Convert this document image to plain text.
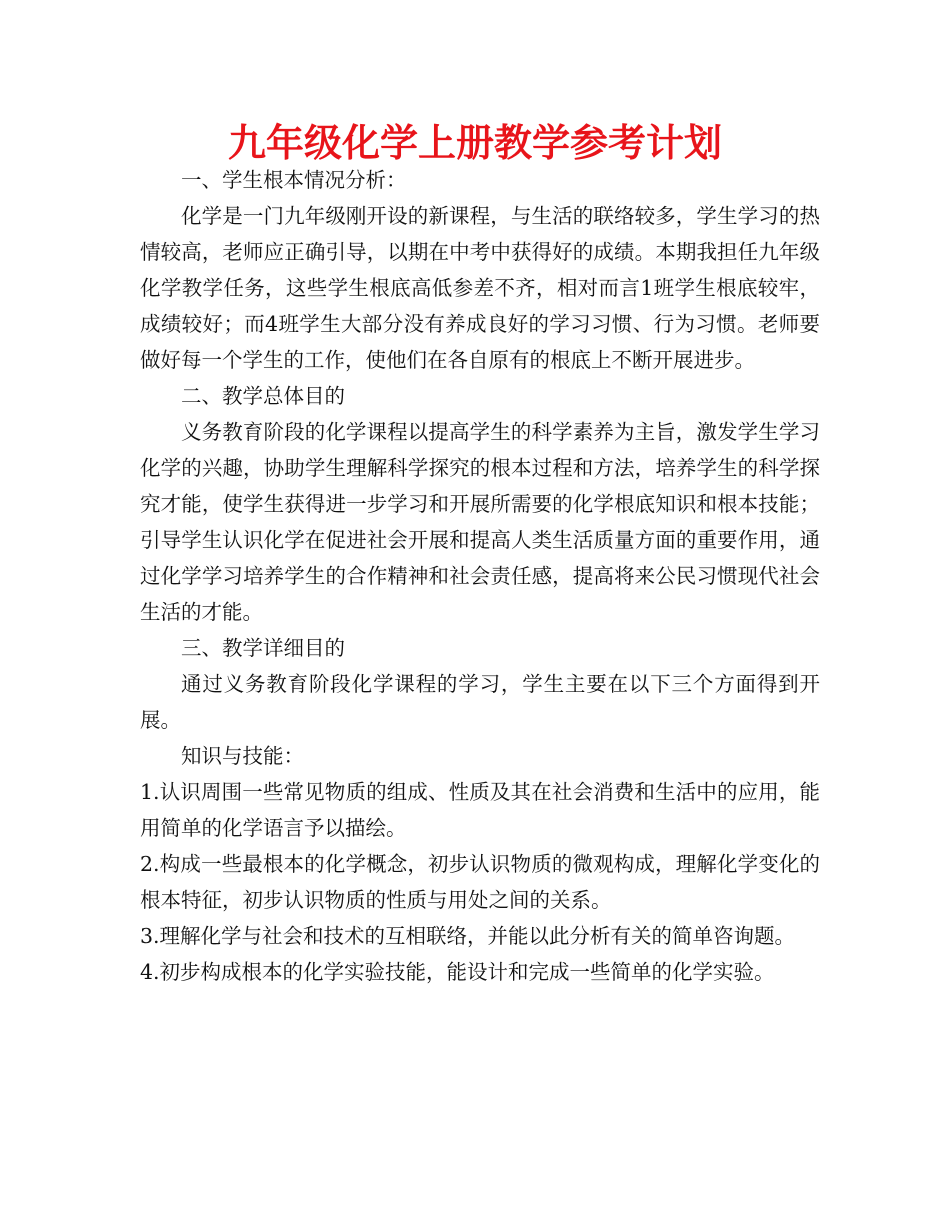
九年级化学上册教学参考计划

一、学生根本情况分析：

化学是一门九年级刚开设的新课程，与生活的联络较多，学生学习的热情较高，老师应正确引导，以期在中考中获得好的成绩。本期我担任九年级化学教学任务，这些学生根底高低参差不齐，相对而言1班学生根底较牢，成绩较好；而4班学生大部分没有养成良好的学习习惯、行为习惯。老师要做好每一个学生的工作，使他们在各自原有的根底上不断开展进步。

二、教学总体目的

义务教育阶段的化学课程以提高学生的科学素养为主旨，激发学生学习化学的兴趣，协助学生理解科学探究的根本过程和方法，培养学生的科学探究才能，使学生获得进一步学习和开展所需要的化学根底知识和根本技能；引导学生认识化学在促进社会开展和提高人类生活质量方面的重要作用，通过化学学习培养学生的合作精神和社会责任感，提高将来公民习惯现代社会生活的才能。

三、教学详细目的

通过义务教育阶段化学课程的学习，学生主要在以下三个方面得到开展。

知识与技能：

1.认识周围一些常见物质的组成、性质及其在社会消费和生活中的应用，能用简单的化学语言予以描绘。

2.构成一些最根本的化学概念，初步认识物质的微观构成，理解化学变化的根本特征，初步认识物质的性质与用处之间的关系。

3.理解化学与社会和技术的互相联络，并能以此分析有关的简单咨询题。

4.初步构成根本的化学实验技能，能设计和完成一些简单的化学实验。
